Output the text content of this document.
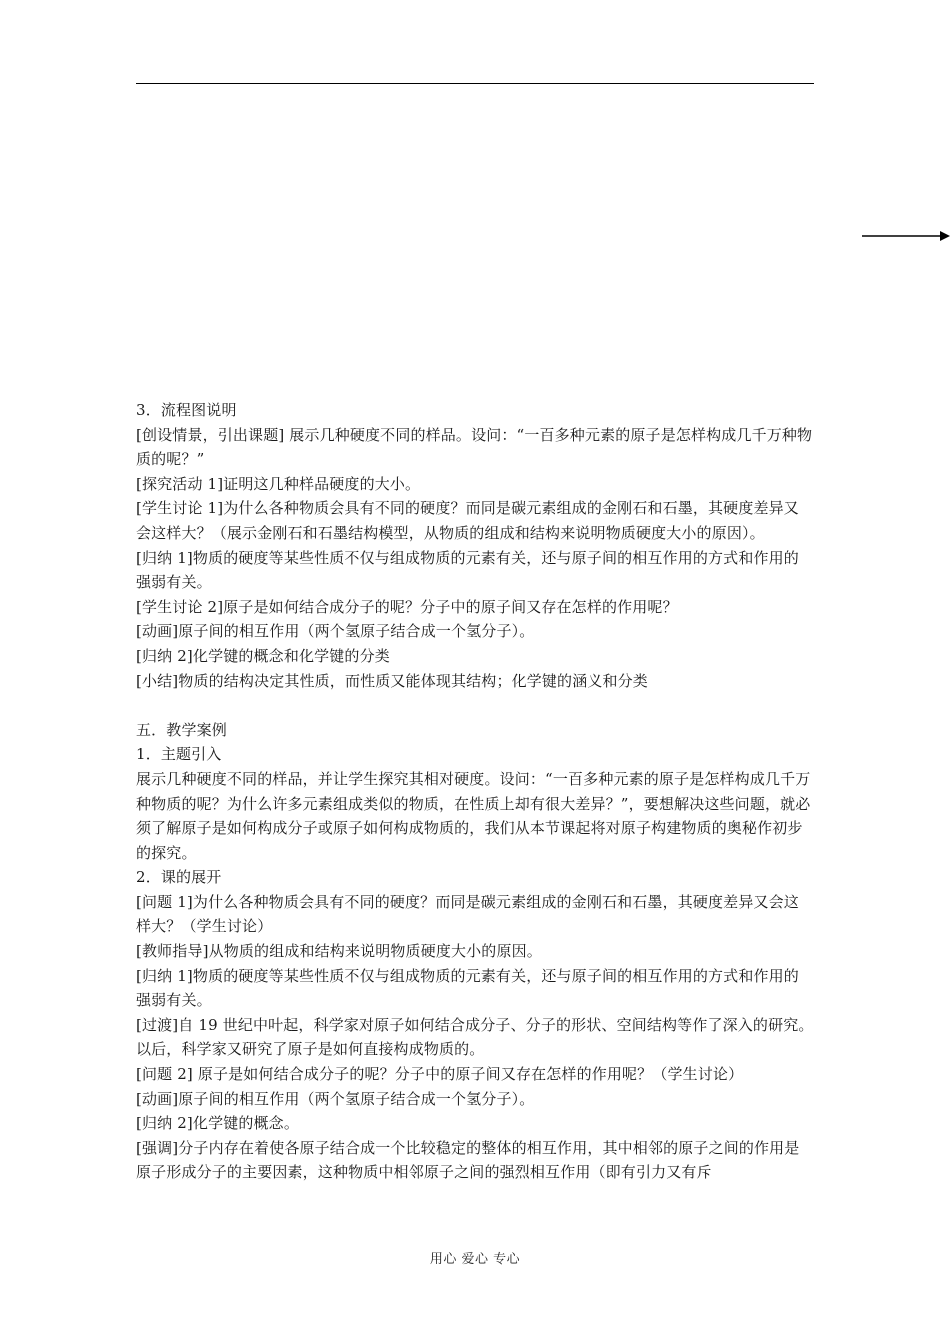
3．流程图说明

[创设情景，引出课题] 展示几种硬度不同的样品。设问：“一百多种元素的原子是怎样构成几千万种物质的呢？”

[探究活动 1]证明这几种样品硬度的大小。

[学生讨论 1]为什么各种物质会具有不同的硬度？而同是碳元素组成的金刚石和石墨，其硬度差异又会这样大？（展示金刚石和石墨结构模型，从物质的组成和结构来说明物质硬度大小的原因）。

[归纳 1]物质的硬度等某些性质不仅与组成物质的元素有关，还与原子间的相互作用的方式和作用的强弱有关。

[学生讨论 2]原子是如何结合成分子的呢？分子中的原子间又存在怎样的作用呢？

[动画]原子间的相互作用（两个氢原子结合成一个氢分子）。

[归纳 2]化学键的概念和化学键的分类

[小结]物质的结构决定其性质，而性质又能体现其结构；化学键的涵义和分类

五．教学案例

1．主题引入

展示几种硬度不同的样品，并让学生探究其相对硬度。设问：“一百多种元素的原子是怎样构成几千万种物质的呢？为什么许多元素组成类似的物质，在性质上却有很大差异？”，要想解决这些问题，就必须了解原子是如何构成分子或原子如何构成物质的，我们从本节课起将对原子构建物质的奥秘作初步的探究。

2．课的展开

[问题 1]为什么各种物质会具有不同的硬度？而同是碳元素组成的金刚石和石墨，其硬度差异又会这样大？（学生讨论）

[教师指导]从物质的组成和结构来说明物质硬度大小的原因。

[归纳 1]物质的硬度等某些性质不仅与组成物质的元素有关，还与原子间的相互作用的方式和作用的强弱有关。

[过渡]自 19 世纪中叶起，科学家对原子如何结合成分子、分子的形状、空间结构等作了深入的研究。以后，科学家又研究了原子是如何直接构成物质的。

[问题 2] 原子是如何结合成分子的呢？分子中的原子间又存在怎样的作用呢？（学生讨论）

[动画]原子间的相互作用（两个氢原子结合成一个氢分子）。

[归纳 2]化学键的概念。

[强调]分子内存在着使各原子结合成一个比较稳定的整体的相互作用，其中相邻的原子之间的作用是原子形成分子的主要因素，这种物质中相邻原子之间的强烈相互作用（即有引力又有斥

用心 爱心 专心
